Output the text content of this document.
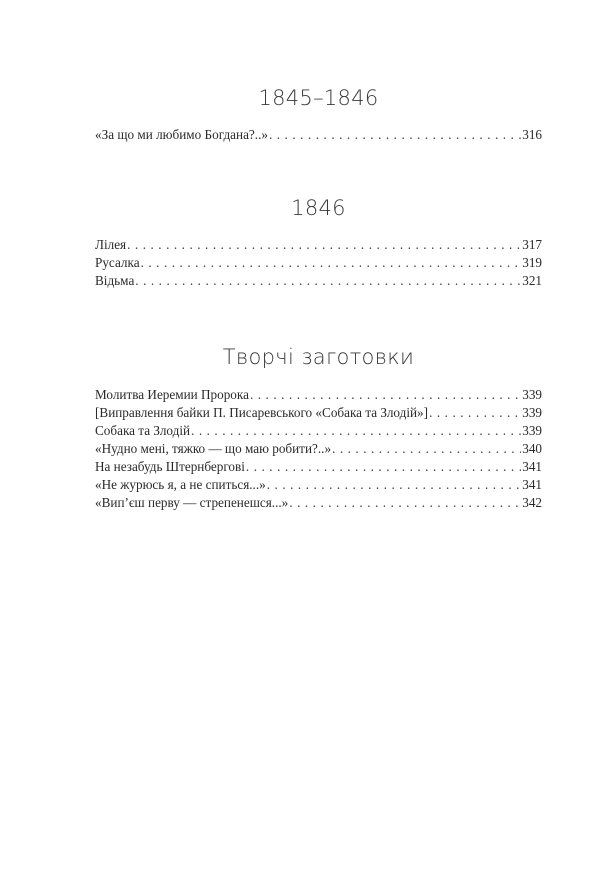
1845–1846
«За що ми любимо Богдана?..» . . .	316
1846
Лілея . . .	317
Русалка . . .	319
Відьма . . .	321
Творчі заготовки
Молитва Иеремии Пророка . . .	339
[Виправлення байки П. Писаревського «Собака та Злодій»] . . .	339
Собака та Злодій . . .	339
«Нудно мені, тяжко — що маю робити?..» . . .	340
На незабудь Штернбергові . . .	341
«Не журюсь я, а не спиться...» . . .	341
«Вип’єш перву — стрепенешся...» . . .	342
